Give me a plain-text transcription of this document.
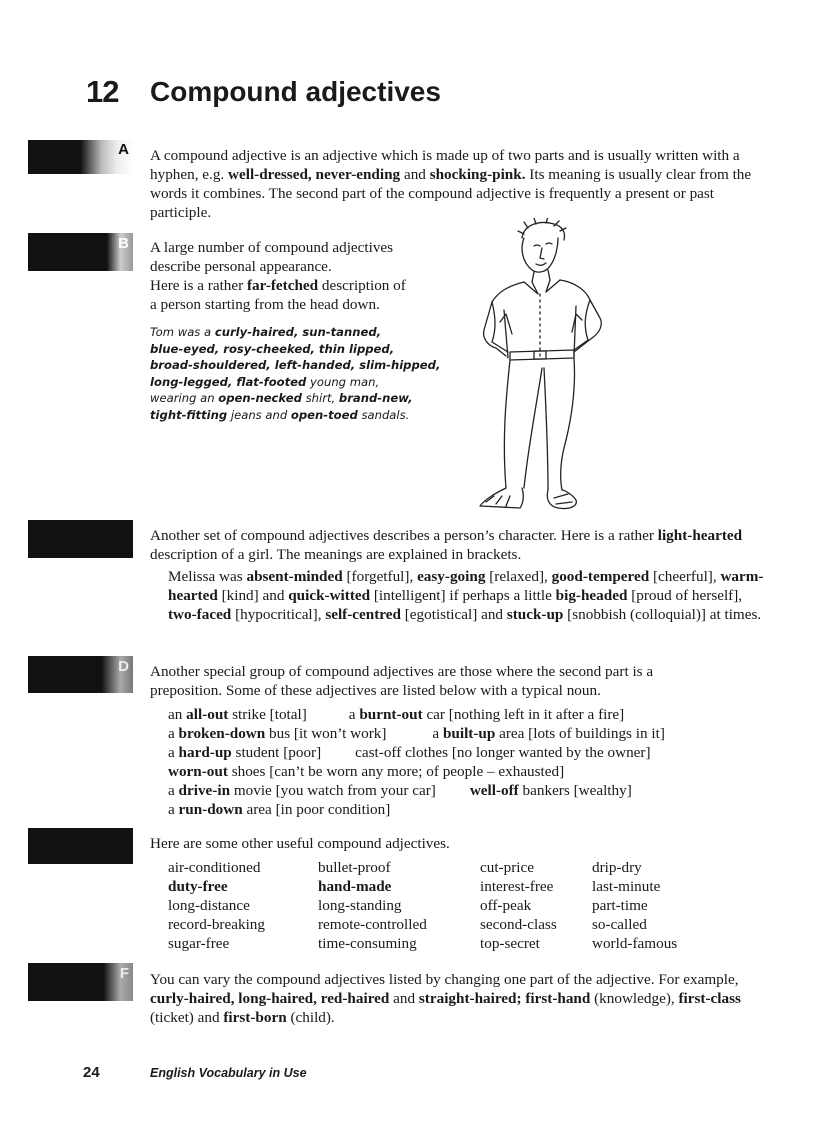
12 Compound adjectives
A
B
D
F
A compound adjective is an adjective which is made up of two parts and is usually written with a hyphen, e.g. well-dressed, never-ending and shocking-pink. Its meaning is usually clear from the words it combines. The second part of the compound adjective is frequently a present or past participle.
A large number of compound adjectives
describe personal appearance.
Here is a rather far-fetched description of
a person starting from the head down.
Tom was a curly-haired, sun-tanned,
blue-eyed, rosy-cheeked, thin lipped,
broad-shouldered, left-handed, slim-hipped,
long-legged, flat-footed young man,
wearing an open-necked shirt, brand-new,
tight-fitting jeans and open-toed sandals.
Another set of compound adjectives describes a person’s character. Here is a rather light-hearted description of a girl. The meanings are explained in brackets.
Melissa was absent-minded [forgetful], easy-going [relaxed], good-tempered [cheerful], warm-hearted [kind] and quick-witted [intelligent] if perhaps a little big-headed [proud of herself], two-faced [hypocritical], self-centred [egotistical] and stuck-up [snobbish (colloquial)] at times.
Another special group of compound adjectives are those where the second part is a
preposition. Some of these adjectives are listed below with a typical noun.
an all-out strike [total]	a burnt-out car [nothing left in it after a fire]
a broken-down bus [it won’t work]	a built-up area [lots of buildings in it]
a hard-up student [poor] cast-off clothes [no longer wanted by the owner]
worn-out shoes [can’t be worn any more; of people – exhausted]
a drive-in movie [you watch from your car] well-off bankers [wealthy]
a run-down area [in poor condition]
Here are some other useful compound adjectives.
air-conditioned	bullet-proof	cut-price	drip-dry
duty-free	hand-made	interest-free	last-minute
long-distance	long-standing	off-peak	part-time
record-breaking	remote-controlled	second-class	so-called
sugar-free	time-consuming	top-secret	world-famous
You can vary the compound adjectives listed by changing one part of the adjective. For example, curly-haired, long-haired, red-haired and straight-haired; first-hand (knowledge), first-class (ticket) and first-born (child).
24	English Vocabulary in Use
